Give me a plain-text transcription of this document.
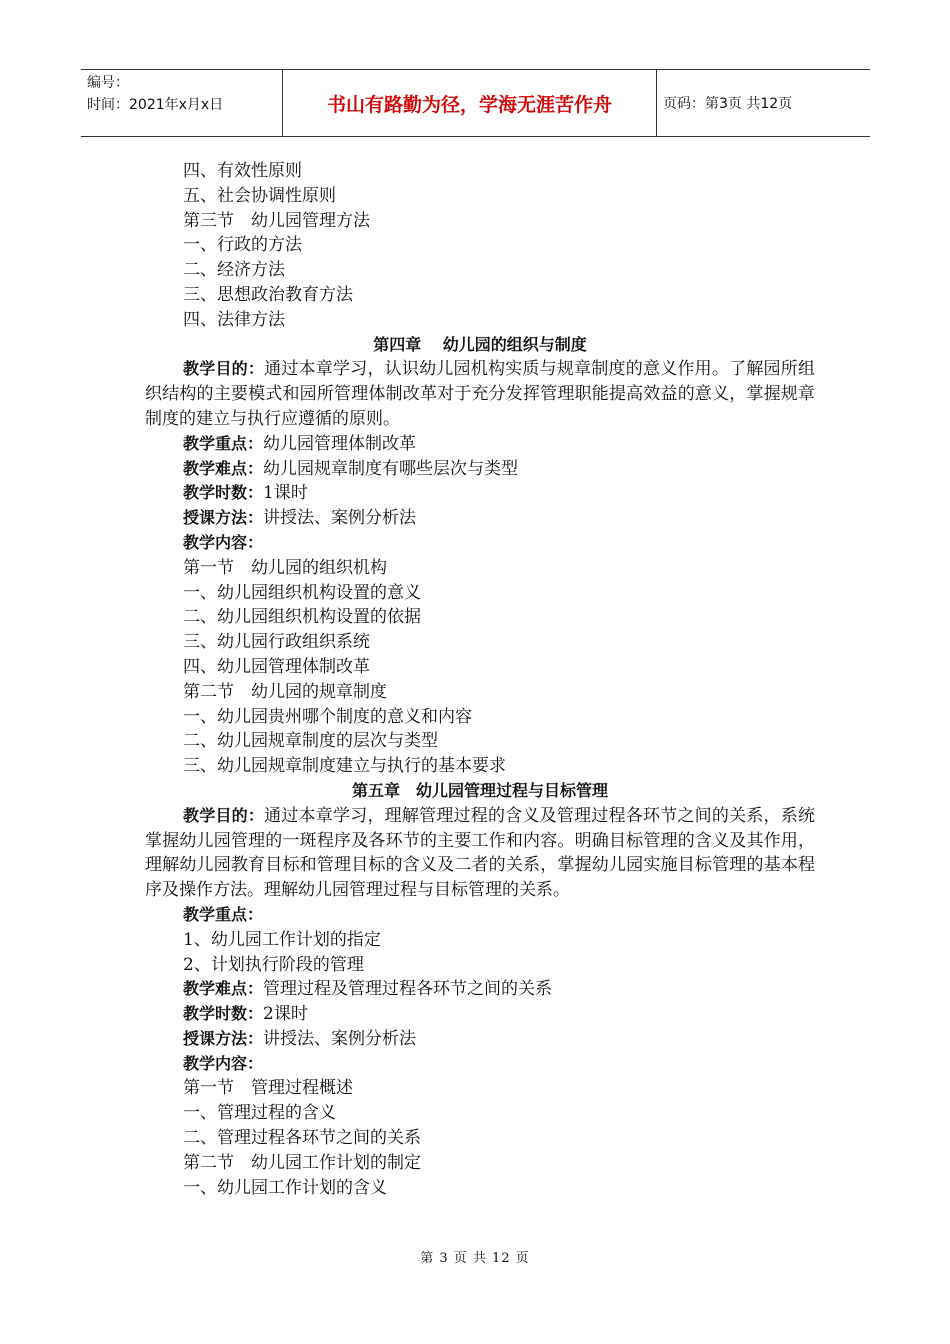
编号：
时间：2021年x月x日	书山有路勤为径，学海无涯苦作舟	页码：第3页 共12页
四、有效性原则
五、社会协调性原则
第三节　幼儿园管理方法
一、行政的方法
二、经济方法
三、思想政治教育方法
四、法律方法
第四章　 幼儿园的组织与制度
教学目的：通过本章学习，认识幼儿园机构实质与规章制度的意义作用。了解园所组织结构的主要模式和园所管理体制改革对于充分发挥管理职能提高效益的意义，掌握规章制度的建立与执行应遵循的原则。
教学重点：幼儿园管理体制改革
教学难点：幼儿园规章制度有哪些层次与类型
教学时数：1课时
授课方法：讲授法、案例分析法
教学内容：
第一节　幼儿园的组织机构
一、幼儿园组织机构设置的意义
二、幼儿园组织机构设置的依据
三、幼儿园行政组织系统
四、幼儿园管理体制改革
第二节　幼儿园的规章制度
一、幼儿园贵州哪个制度的意义和内容
二、幼儿园规章制度的层次与类型
三、幼儿园规章制度建立与执行的基本要求
第五章　幼儿园管理过程与目标管理
教学目的：通过本章学习，理解管理过程的含义及管理过程各环节之间的关系，系统掌握幼儿园管理的一斑程序及各环节的主要工作和内容。明确目标管理的含义及其作用，理解幼儿园教育目标和管理目标的含义及二者的关系，掌握幼儿园实施目标管理的基本程序及操作方法。理解幼儿园管理过程与目标管理的关系。
教学重点：
1、幼儿园工作计划的指定
2、计划执行阶段的管理
教学难点：管理过程及管理过程各环节之间的关系
教学时数：2课时
授课方法：讲授法、案例分析法
教学内容：
第一节　管理过程概述
一、管理过程的含义
二、管理过程各环节之间的关系
第二节　幼儿园工作计划的制定
一、幼儿园工作计划的含义
第 3 页 共 12 页
